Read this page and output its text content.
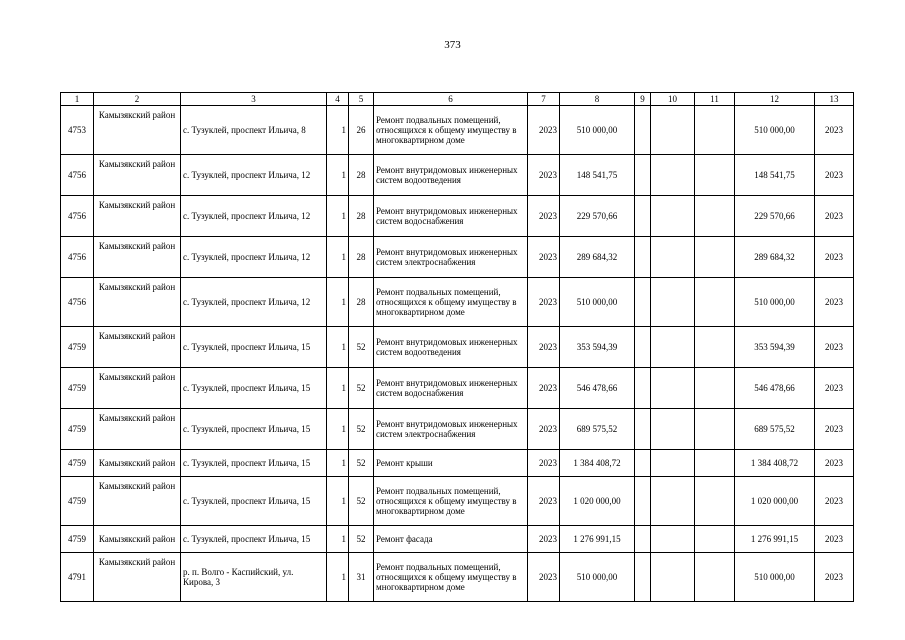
373
1	2	3	4	5	6	7	8	9	10	11	12	13
4753	Камызякский район	с. Тузуклей, проспект Ильича, 8	1	26	Ремонт подвальных помещений, относящихся к общему имуществу в многоквартирном доме	2023	510 000,00				510 000,00	2023
4756	Камызякский район	с. Тузуклей, проспект Ильича, 12	1	28	Ремонт внутридомовых инженерных систем водоотведения	2023	148 541,75				148 541,75	2023
4756	Камызякский район	с. Тузуклей, проспект Ильича, 12	1	28	Ремонт внутридомовых инженерных систем водоснабжения	2023	229 570,66				229 570,66	2023
4756	Камызякский район	с. Тузуклей, проспект Ильича, 12	1	28	Ремонт внутридомовых инженерных систем электроснабжения	2023	289 684,32				289 684,32	2023
4756	Камызякский район	с. Тузуклей, проспект Ильича, 12	1	28	Ремонт подвальных помещений, относящихся к общему имуществу в многоквартирном доме	2023	510 000,00				510 000,00	2023
4759	Камызякский район	с. Тузуклей, проспект Ильича, 15	1	52	Ремонт внутридомовых инженерных систем водоотведения	2023	353 594,39				353 594,39	2023
4759	Камызякский район	с. Тузуклей, проспект Ильича, 15	1	52	Ремонт внутридомовых инженерных систем водоснабжения	2023	546 478,66				546 478,66	2023
4759	Камызякский район	с. Тузуклей, проспект Ильича, 15	1	52	Ремонт внутридомовых инженерных систем электроснабжения	2023	689 575,52				689 575,52	2023
4759	Камызякский район	с. Тузуклей, проспект Ильича, 15	1	52	Ремонт крыши	2023	1 384 408,72				1 384 408,72	2023
4759	Камызякский район	с. Тузуклей, проспект Ильича, 15	1	52	Ремонт подвальных помещений, относящихся к общему имуществу в многоквартирном доме	2023	1 020 000,00				1 020 000,00	2023
4759	Камызякский район	с. Тузуклей, проспект Ильича, 15	1	52	Ремонт фасада	2023	1 276 991,15				1 276 991,15	2023
4791	Камызякский район	р. п. Волго - Каспийский, ул. Кирова, 3	1	31	Ремонт подвальных помещений, относящихся к общему имуществу в многоквартирном доме	2023	510 000,00				510 000,00	2023
